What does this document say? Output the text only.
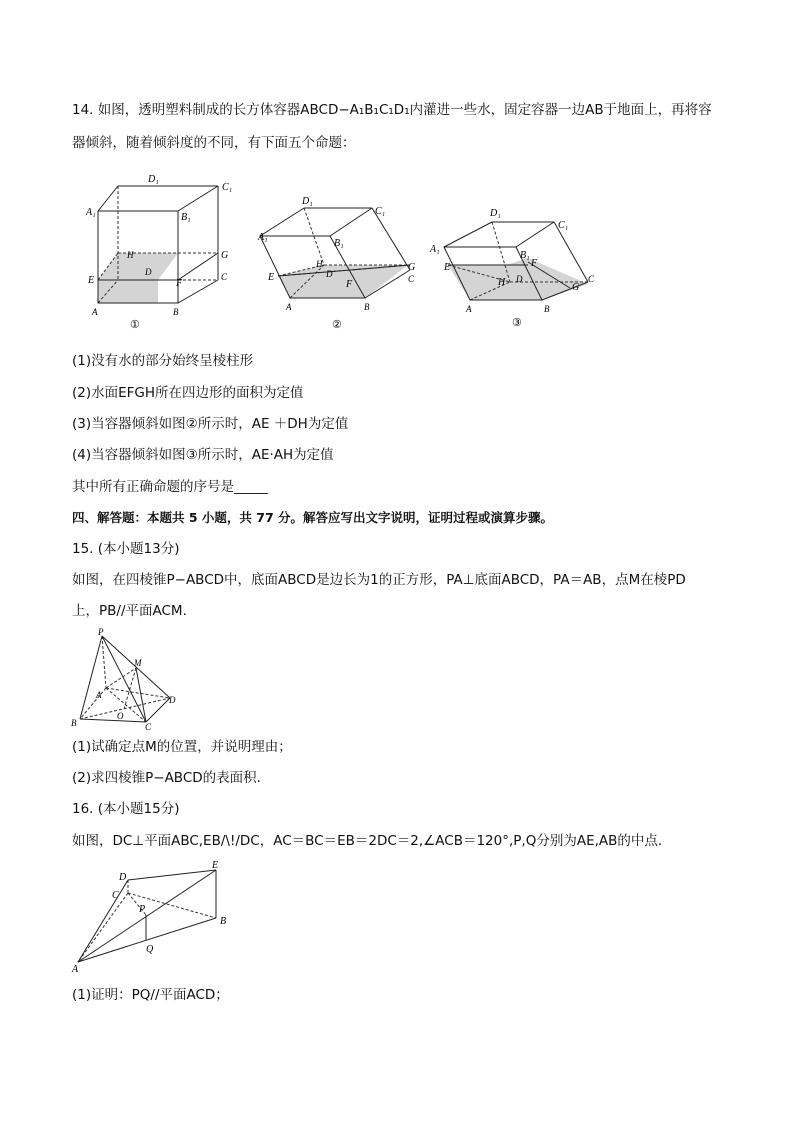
14. 如图，透明塑料制成的长方体容器ABCD−A₁B₁C₁D₁内灌进一些水，固定容器一边AB于地面上，再将容
器倾斜，随着倾斜度的不同，有下面五个命题：
D₁
C₁
A₁	B₁
H	G
D
E	C
F
A	B
①
D₁
C₁
A₁
B₁
H	G
D
E	C
F
A	B
②
D₁
C₁
A₁
B₁
F
E
H D	C
G
A	B
③
(1)没有水的部分始终呈棱柱形
(2)水面EFGH所在四边形的面积为定值
(3)当容器倾斜如图②所示时，AE ＋DH为定值
(4)当容器倾斜如图③所示时，AE·AH为定值
其中所有正确命题的序号是_____
四、解答题：本题共 5 小题，共 77 分。解答应写出文字说明，证明过程或演算步骤。
15. (本小题13分)
如图，在四棱锥P−ABCD中，底面ABCD是边长为1的正方形，PA⊥底面ABCD，PA＝AB，点M在棱PD
上，PB//平面ACM.
P
M
A	D
O
B	C
(1)试确定点M的位置，并说明理由；
(2)求四棱锥P−ABCD的表面积.
16. (本小题15分)
如图，DC⊥平面ABC,EB/\!/DC，AC＝BC＝EB＝2DC＝2,∠ACB＝120°,P,Q分别为AE,AB的中点.
E
D
C
P
B
Q
A
(1)证明：PQ//平面ACD；
